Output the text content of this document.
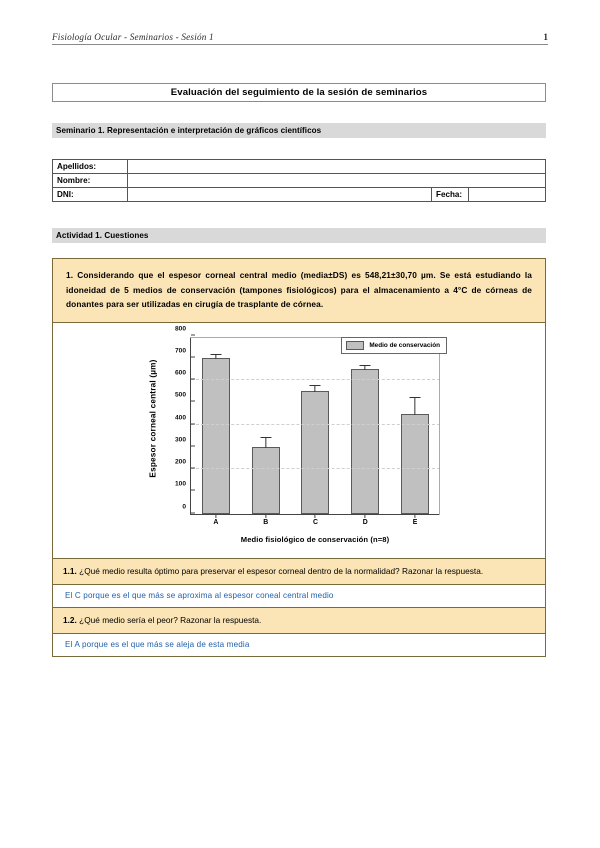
Fisiología Ocular - Seminarios - Sesión 1	1
Evaluación del seguimiento de la sesión de seminarios
Seminario 1. Representación e interpretación de gráficos científicos
Apellidos:			
Nombre:			
DNI:		Fecha:	
Actividad 1. Cuestiones
1. Considerando que el espesor corneal central medio (media±DS) es 548,21±30,70 µm. Se está estudiando la idoneidad de 5 medios de conservación (tampones fisiológicos) para el almacenamiento a 4°C de córneas de donantes para ser utilizadas en cirugía de trasplante de córnea.
Espesor corneal central (µm)
A	B	C	D	E
0
100
200
300
400
500
600
700
800
Medio de conservación
Medio fisiológico de conservación (n=8)
1.1. ¿Qué medio resulta óptimo para preservar el espesor corneal dentro de la normalidad? Razonar la respuesta.
El C porque es el que más se aproxima al espesor coneal central medio
1.2. ¿Qué medio sería el peor? Razonar la respuesta.
El A porque es el que más se aleja de esta media
